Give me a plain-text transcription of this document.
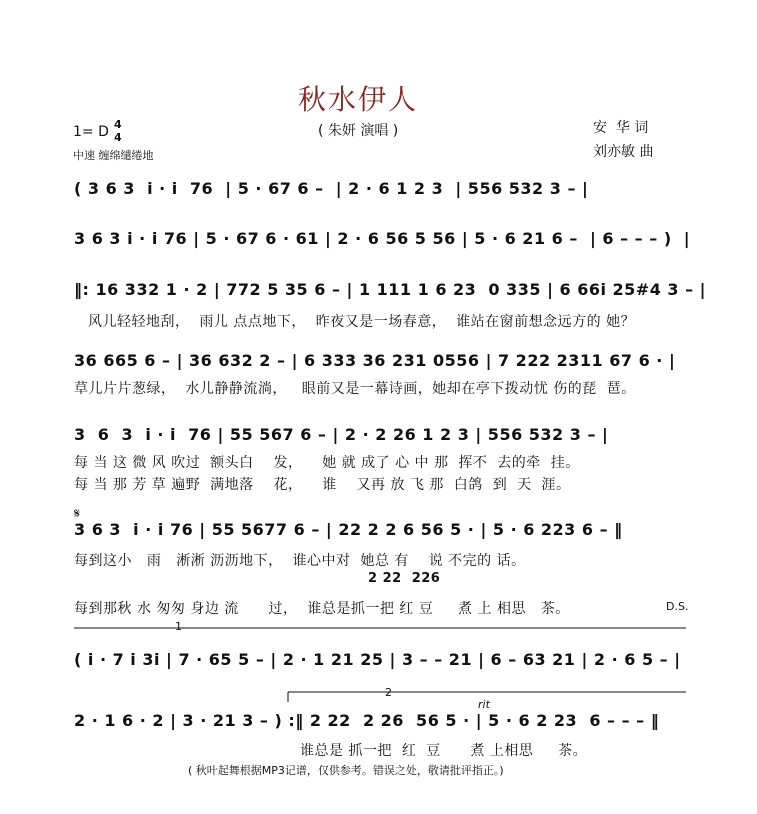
秋水伊人
( 朱妍 演唱 )
1= D 4
4
中速 缠绵缱绻地
安  华 词
刘亦敏 曲
( 3 6 3  i · i  76  | 5 · 67 6 –  | 2 · 6 1 2 3  | 556 532 3 – |
3 6 3 i · i 76 | 5 · 67 6 · 61 | 2 · 6 56 5 56 | 5 · 6 21 6 –  | 6 – – – )  |
‖: 16 332 1 · 2 | 772 5 35 6 – | 1 111 1 6 23  0 335 | 6 66i 25#4 3 – |
风儿轻轻地刮，  雨儿 点点地下，  昨夜又是一场春意，  谁站在窗前想念远方的 她？
36 665 6 – | 36 632 2 – | 6 333 36 231 0556 | 7 222 2311 67 6 · |
草儿片片葱绿，  水儿静静流淌，   眼前又是一幕诗画，她却在亭下拨动忧 伤的琵  琶。
3  6  3  i · i  76 | 55 567 6 – | 2 · 2 26 1 2 3 | 556 532 3 – |
每 当 这 微 风 吹过  额头白    发，    她 就 成了 心 中 那  挥不  去的牵  挂。
每 当 那 芳 草 遍野  满地落    花，    谁    又再 放 飞 那  白鸽  到  天  涯。
𝄋
3 6 3  i · i 76 | 55 5677 6 – | 22 2 2 6 56 5 · | 5 · 6 223 6 – ‖
每到这小   雨   淅淅 沥沥地下，  谁心中对  她总 有    说 不完的 话。
2 22  226
每到那秋 水 匆匆 身边 流      过，  谁总是抓一把 红 豆     煮 上 相思   茶。	D.S.
1
( i · 7 i 3i | 7 · 65 5 – | 2 · 1 21 25 | 3 – – 21 | 6 – 63 21 | 2 · 6 5 – |
2
rit
2 · 1 6 · 2 | 3 · 21 3 – ) :‖ 2 22  2 26  56 5 · | 5 · 6 2 23  6 – – – ‖
谁总是 抓一把  红  豆      煮 上相思     茶。
( 秋叶起舞根据MP3记谱，仅供参考。错误之处，敬请批评指正。)
